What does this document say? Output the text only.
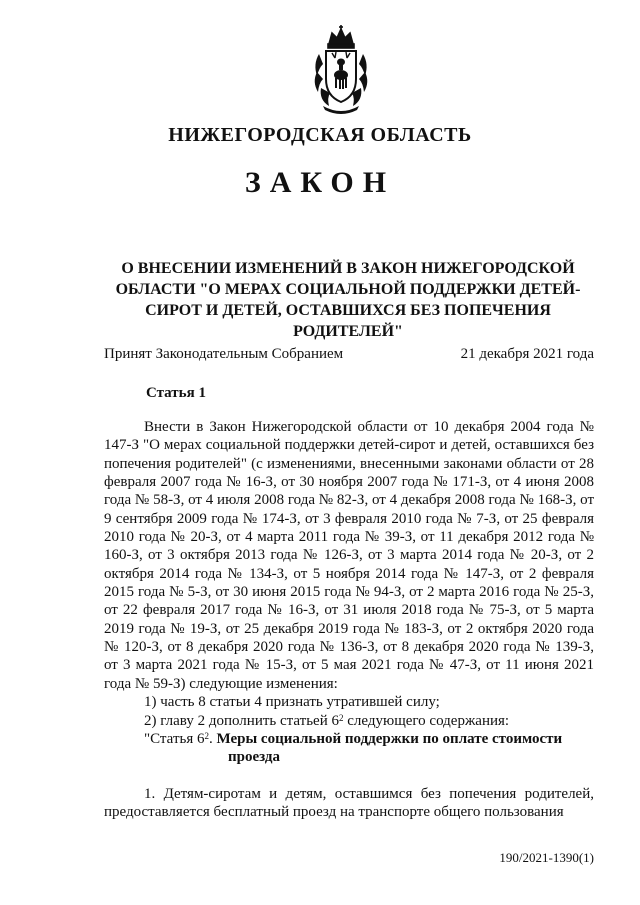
НИЖЕГОРОДСКАЯ ОБЛАСТЬ
ЗАКОН
О ВНЕСЕНИИ ИЗМЕНЕНИЙ В ЗАКОН НИЖЕГОРОДСКОЙ ОБЛАСТИ "О МЕРАХ СОЦИАЛЬНОЙ ПОДДЕРЖКИ ДЕТЕЙ-СИРОТ И ДЕТЕЙ, ОСТАВШИХСЯ БЕЗ ПОПЕЧЕНИЯ РОДИТЕЛЕЙ"
Принят Законодательным Собранием	21 декабря 2021 года
Статья 1

Внести в Закон Нижегородской области от 10 декабря 2004 года № 147-З "О мерах социальной поддержки детей-сирот и детей, оставшихся без попечения родителей" (с изменениями, внесенными законами области от 28 февраля 2007 года № 16-З, от 30 ноября 2007 года № 171-З, от 4 июня 2008 года № 58-З, от 4 июля 2008 года № 82-З, от 4 декабря 2008 года № 168-З, от 9 сентября 2009 года № 174-З, от 3 февраля 2010 года № 7-З, от 25 февраля 2010 года № 20-З, от 4 марта 2011 года № 39-З, от 11 декабря 2012 года № 160-З, от 3 октября 2013 года № 126-З, от 3 марта 2014 года № 20-З, от 2 октября 2014 года № 134-З, от 5 ноября 2014 года № 147-З, от 2 февраля 2015 года № 5-З, от 30 июня 2015 года № 94-З, от 2 марта 2016 года № 25-З, от 22 февраля 2017 года № 16-З, от 31 июля 2018 года № 75-З, от 5 марта 2019 года № 19-З, от 25 декабря 2019 года № 183-З, от 2 октября 2020 года № 120-З, от 8 декабря 2020 года № 136-З, от 8 декабря 2020 года № 139-З, от 3 марта 2021 года № 15-З, от 5 мая 2021 года № 47-З, от 11 июня 2021 года № 59-З) следующие изменения:

1) часть 8 статьи 4 признать утратившей силу;

2) главу 2 дополнить статьей $6^2$ следующего содержания:

"Статья $6^2$. Меры социальной поддержки по оплате стоимости

проезда

1. Детям-сиротам и детям, оставшимся без попечения родителей, предоставляется бесплатный проезд на транспорте общего пользования

190/2021-1390(1)
